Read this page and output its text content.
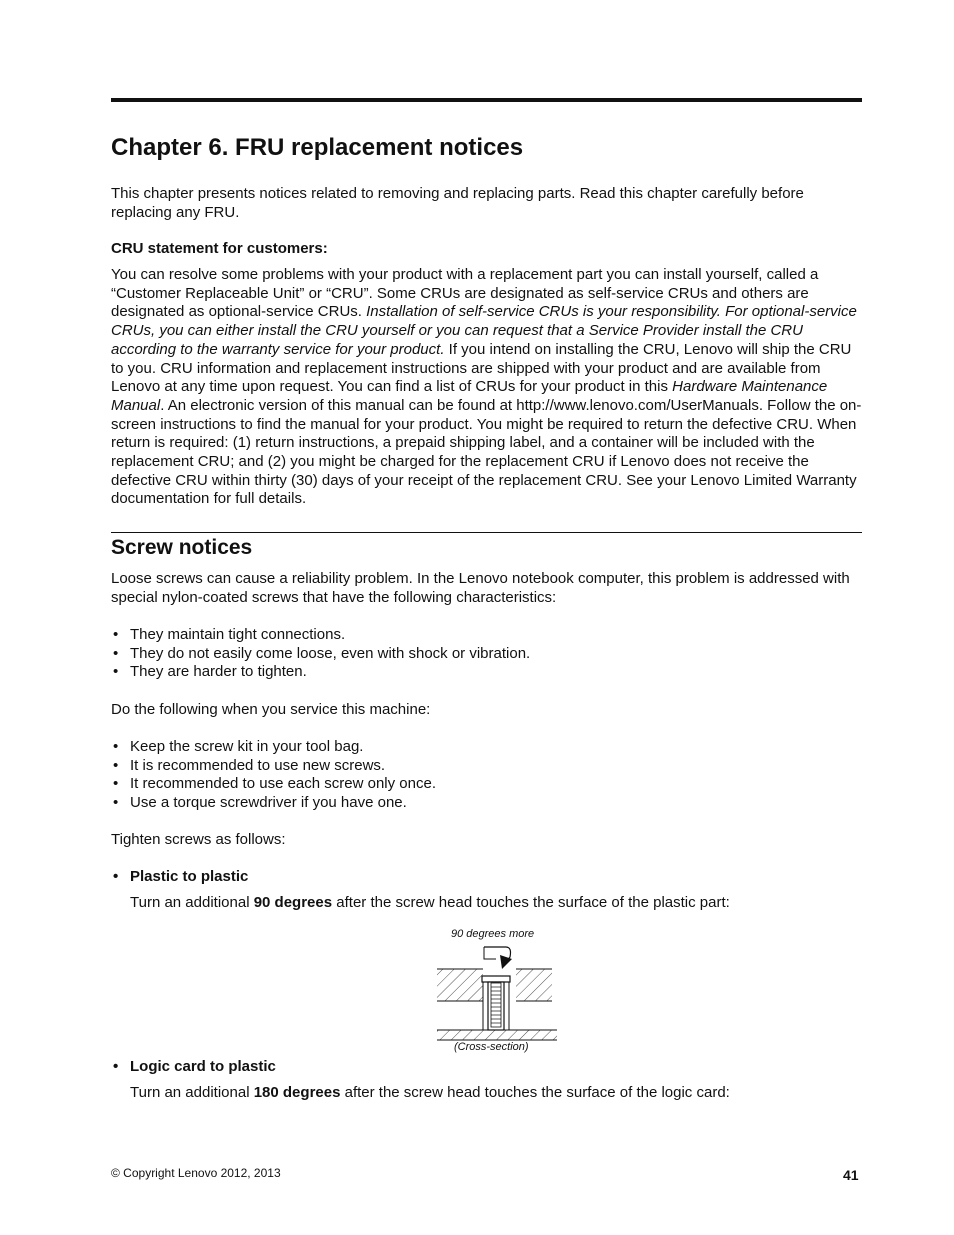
Chapter 6. FRU replacement notices

This chapter presents notices related to removing and replacing parts. Read this chapter carefully before replacing any FRU.

CRU statement for customers:

You can resolve some problems with your product with a replacement part you can install yourself, called a “Customer Replaceable Unit” or “CRU”. Some CRUs are designated as self-service CRUs and others are designated as optional-service CRUs. Installation of self-service CRUs is your responsibility. For optional-service CRUs, you can either install the CRU yourself or you can request that a Service Provider install the CRU according to the warranty service for your product. If you intend on installing the CRU, Lenovo will ship the CRU to you. CRU information and replacement instructions are shipped with your product and are available from Lenovo at any time upon request. You can find a list of CRUs for your product in this Hardware Maintenance Manual. An electronic version of this manual can be found at http://www.lenovo.com/UserManuals. Follow the on-screen instructions to find the manual for your product. You might be required to return the defective CRU. When return is required: (1) return instructions, a prepaid shipping label, and a container will be included with the replacement CRU; and (2) you might be charged for the replacement CRU if Lenovo does not receive the defective CRU within thirty (30) days of your receipt of the replacement CRU. See your Lenovo Limited Warranty documentation for full details.

Screw notices

Loose screws can cause a reliability problem. In the Lenovo notebook computer, this problem is addressed with special nylon-coated screws that have the following characteristics:

• They maintain tight connections.
• They do not easily come loose, even with shock or vibration.
• They are harder to tighten.

Do the following when you service this machine:

• Keep the screw kit in your tool bag.
• It is recommended to use new screws.
• It recommended to use each screw only once.
• Use a torque screwdriver if you have one.

Tighten screws as follows:

• Plastic to plastic
Turn an additional 90 degrees after the screw head touches the surface of the plastic part:
90 degrees more
(Cross-section)
• Logic card to plastic
Turn an additional 180 degrees after the screw head touches the surface of the logic card:
© Copyright Lenovo 2012, 2013	41
